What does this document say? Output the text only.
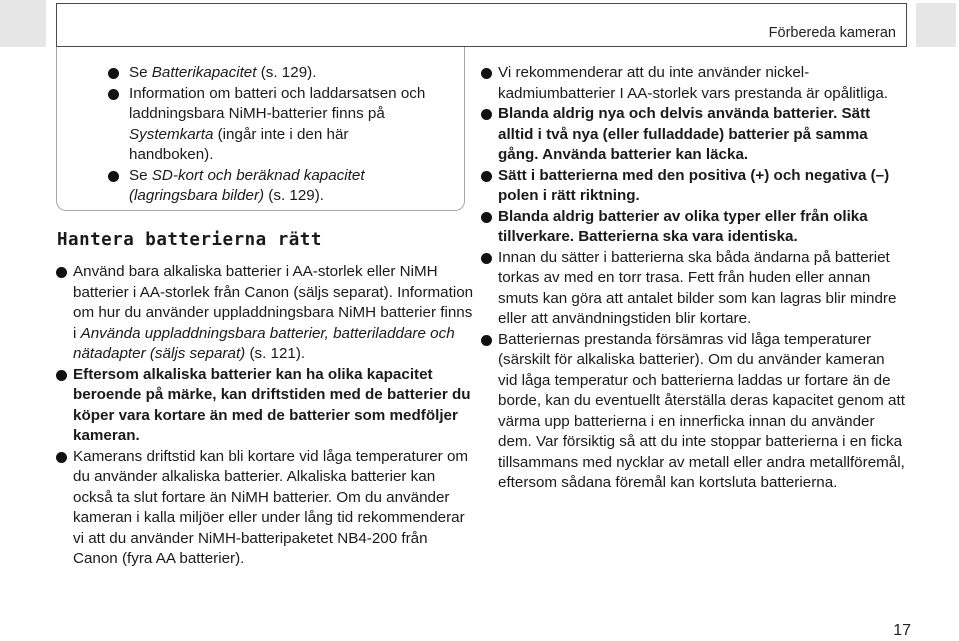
Förbereda kameran
Se Batterikapacitet (s. 129).
Information om batteri och laddarsatsen och laddningsbara NiMH-batterier finns på Systemkarta (ingår inte i den här handboken).
Se SD-kort och beräknad kapacitet (lagringsbara bilder) (s. 129).
Hantera batterierna rätt
Använd bara alkaliska batterier i AA-storlek eller NiMH batterier i AA-storlek från Canon (säljs separat). Information om hur du använder uppladdningsbara NiMH batterier finns i Använda uppladdningsbara batterier, batteriladdare och nätadapter (säljs separat) (s. 121).
Eftersom alkaliska batterier kan ha olika kapacitet beroende på märke, kan driftstiden med de batterier du köper vara kortare än med de batterier som medföljer kameran.
Kamerans driftstid kan bli kortare vid låga temperaturer om du använder alkaliska batterier. Alkaliska batterier kan också ta slut fortare än NiMH batterier. Om du använder kameran i kalla miljöer eller under lång tid rekommenderar vi att du använder NiMH-batteripaketet NB4-200 från Canon (fyra AA batterier).
Vi rekommenderar att du inte använder nickel-kadmiumbatterier I AA-storlek vars prestanda är opålitliga.
Blanda aldrig nya och delvis använda batterier. Sätt alltid i två nya (eller fulladdade) batterier på samma gång. Använda batterier kan läcka.
Sätt i batterierna med den positiva (+) och negativa (–) polen i rätt riktning.
Blanda aldrig batterier av olika typer eller från olika tillverkare. Batterierna ska vara identiska.
Innan du sätter i batterierna ska båda ändarna på batteriet torkas av med en torr trasa. Fett från huden eller annan smuts kan göra att antalet bilder som kan lagras blir mindre eller att användningstiden blir kortare.
Batteriernas prestanda försämras vid låga temperaturer (särskilt för alkaliska batterier). Om du använder kameran vid låga temperatur och batterierna laddas ur fortare än de borde, kan du eventuellt återställa deras kapacitet genom att värma upp batterierna i en innerficka innan du använder dem. Var försiktig så att du inte stoppar batterierna i en ficka tillsammans med nycklar av metall eller andra metallföremål, eftersom sådana föremål kan kortsluta batterierna.
17
